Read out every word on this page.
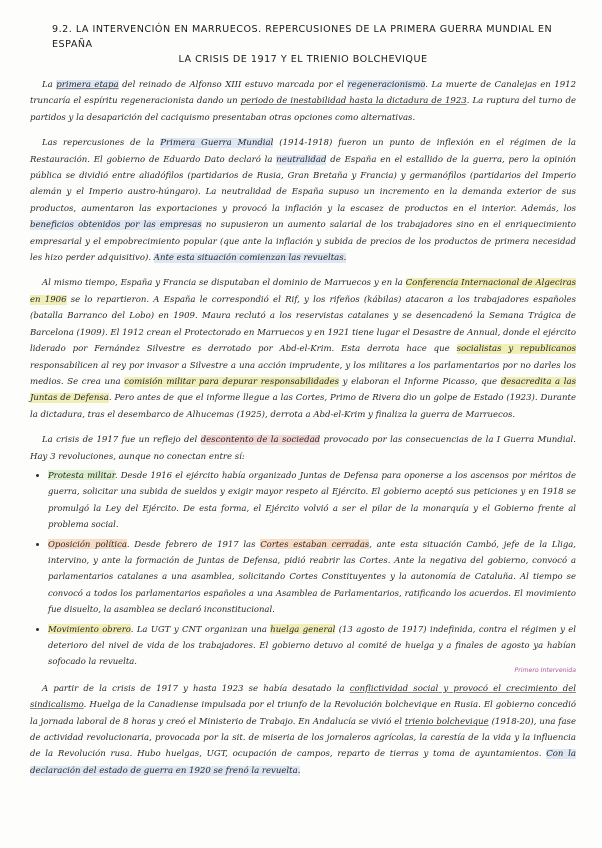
9.2. LA INTERVENCIÓN EN MARRUECOS. REPERCUSIONES DE LA PRIMERA GUERRA MUNDIAL EN ESPAÑA
LA CRISIS DE 1917 Y EL TRIENIO BOLCHEVIQUE

La primera etapa del reinado de Alfonso XIII estuvo marcada por el regeneracionismo. La muerte de Canalejas en 1912 truncaría el espíritu regeneracionista dando un periodo de inestabilidad hasta la dictadura de 1923. La ruptura del turno de partidos y la desaparición del caciquismo presentaban otras opciones como alternativas.

Las repercusiones de la Primera Guerra Mundial (1914-1918) fueron un punto de inflexión en el régimen de la Restauración. El gobierno de Eduardo Dato declaró la neutralidad de España en el estallido de la guerra, pero la opinión pública se dividió entre aliadófilos (partidarios de Rusia, Gran Bretaña y Francia) y germanófilos (partidarios del Imperio alemán y el Imperio austro-húngaro). La neutralidad de España supuso un incremento en la demanda exterior de sus productos, aumentaron las exportaciones y provocó la inflación y la escasez de productos en el interior. Además, los beneficios obtenidos por las empresas no supusieron un aumento salarial de los trabajadores sino en el enriquecimiento empresarial y el empobrecimiento popular (que ante la inflación y subida de precios de los productos de primera necesidad les hizo perder adquisitivo). Ante esta situación comienzan las revueltas.

Al mismo tiempo, España y Francia se disputaban el dominio de Marruecos y en la Conferencia Internacional de Algeciras en 1906 se lo repartieron. A España le correspondió el Rif, y los rifeños (kábilas) atacaron a los trabajadores españoles (batalla Barranco del Lobo) en 1909. Maura reclutó a los reservistas catalanes y se desencadenó la Semana Trágica de Barcelona (1909). El 1912 crean el Protectorado en Marruecos y en 1921 tiene lugar el Desastre de Annual, donde el ejército liderado por Fernández Silvestre es derrotado por Abd-el-Krim. Esta derrota hace que socialistas y republicanos responsabilicen al rey por invasor a Silvestre a una acción imprudente, y los militares a los parlamentarios por no darles los medios. Se crea una comisión militar para depurar responsabilidades y elaboran el Informe Picasso, que desacredita a las Juntas de Defensa. Pero antes de que el informe llegue a las Cortes, Primo de Rivera dio un golpe de Estado (1923). Durante la dictadura, tras el desembarco de Alhucemas (1925), derrota a Abd-el-Krim y finaliza la guerra de Marruecos.

La crisis de 1917 fue un reflejo del descontento de la sociedad provocado por las consecuencias de la I Guerra Mundial. Hay 3 revoluciones, aunque no conectan entre sí:

• Protesta militar. Desde 1916 el ejército había organizado Juntas de Defensa para oponerse a los ascensos por méritos de guerra, solicitar una subida de sueldos y exigir mayor respeto al Ejército. El gobierno aceptó sus peticiones y en 1918 se promulgó la Ley del Ejército. De esta forma, el Ejército volvió a ser el pilar de la monarquía y el Gobierno frente al problema social.
• Oposición política. Desde febrero de 1917 las Cortes estaban cerradas, ante esta situación Cambó, jefe de la Lliga, intervino, y ante la formación de Juntas de Defensa, pidió reabrir las Cortes. Ante la negativa del gobierno, convocó a parlamentarios catalanes a una asamblea, solicitando Cortes Constituyentes y la autonomía de Cataluña. Al tiempo se convocó a todos los parlamentarios españoles a una Asamblea de Parlamentarios, ratificando los acuerdos. El movimiento fue disuelto, la asamblea se declaró inconstitucional.
• Movimiento obrero. La UGT y CNT organizan una huelga general (13 agosto de 1917) indefinida, contra el régimen y el deterioro del nivel de vida de los trabajadores. El gobierno detuvo al comité de huelga y a finales de agosto ya habían sofocado la revuelta.
Primero Intervenida

A partir de la crisis de 1917 y hasta 1923 se había desatado la conflictividad social y provocó el crecimiento del sindicalismo. Huelga de la Canadiense impulsada por el triunfo de la Revolución bolchevique en Rusia. El gobierno concedió la jornada laboral de 8 horas y creó el Ministerio de Trabajo. En Andalucía se vivió el trienio bolchevique (1918-20), una fase de actividad revolucionaria, provocada por la sit. de miseria de los jornaleros agrícolas, la carestía de la vida y la influencia de la Revolución rusa. Hubo huelgas, UGT, ocupación de campos, reparto de tierras y toma de ayuntamientos. Con la declaración del estado de guerra en 1920 se frenó la revuelta.
